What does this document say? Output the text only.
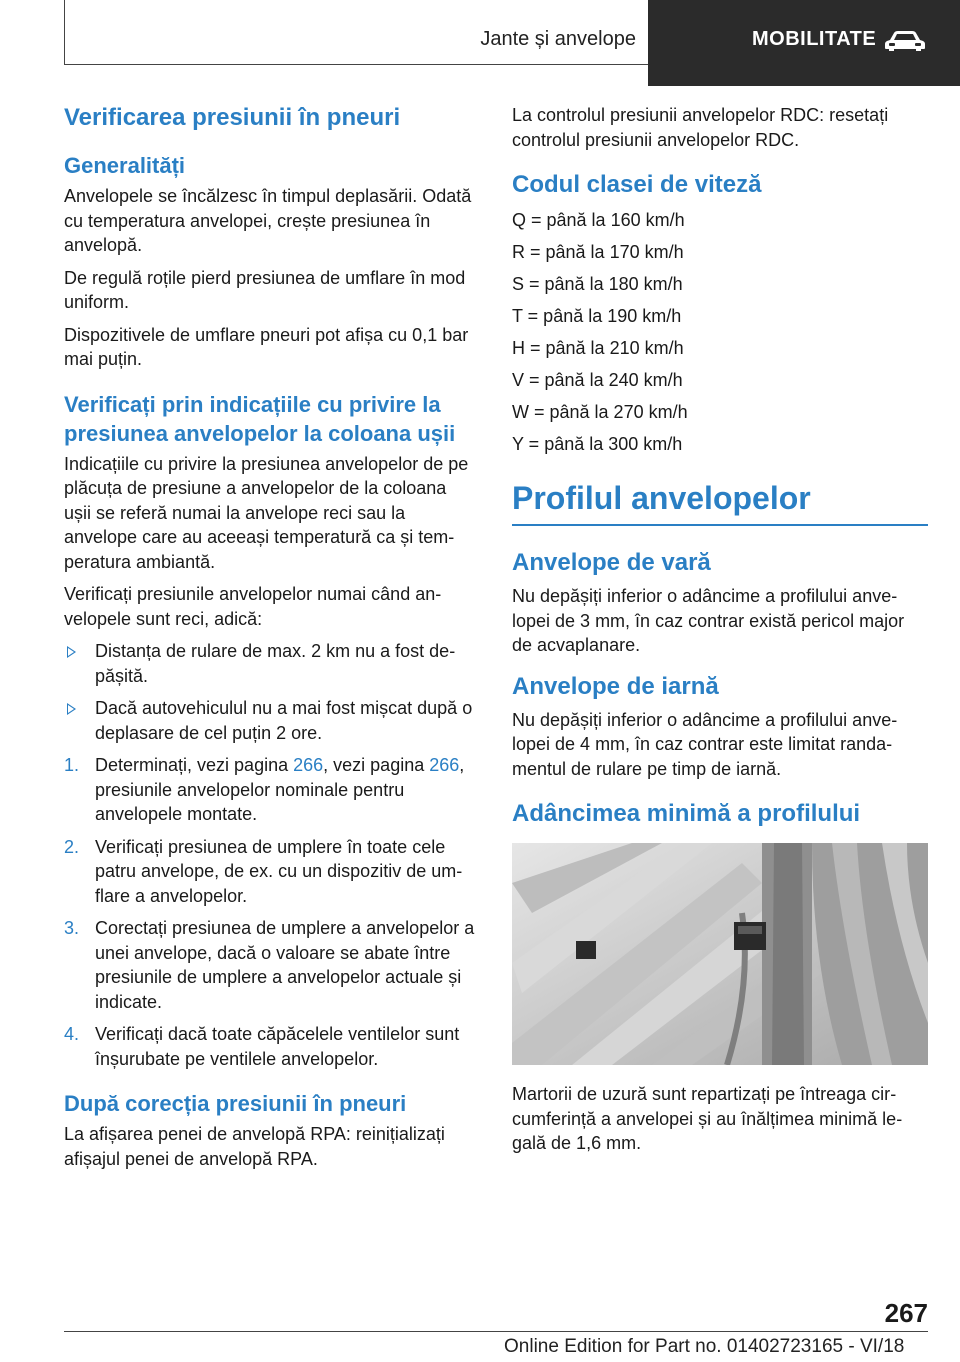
Jante și anvelope	MOBILITATE
Verificarea presiunii în pneuri
Generalități
Anvelopele se încălzesc în timpul deplasării. Odată cu temperatura anvelopei, crește presiunea în anvelopă.
De regulă roțile pierd presiunea de umflare în mod uniform.
Dispozitivele de umflare pneuri pot afișa cu 0,1 bar mai puțin.
Verificați prin indicațiile cu privire la presiunea anvelopelor la coloana ușii
Indicațiile cu privire la presiunea anvelopelor de pe plăcuța de presiune a anvelopelor de la coloana ușii se referă numai la anvelope reci sau la anvelope care au aceeași temperatură ca și temperatura ambiantă.
Verificați presiunile anvelopelor numai când anvelopele sunt reci, adică:
Distanța de rulare de max. 2 km nu a fost depășită.
Dacă autovehiculul nu a mai fost mișcat după o deplasare de cel puțin 2 ore.
1. Determinați, vezi pagina 266, vezi pagina 266, presiunile anvelopelor nominale pentru anvelopele montate.
2. Verificați presiunea de umplere în toate cele patru anvelope, de ex. cu un dispozitiv de umflare a anvelopelor.
3. Corectați presiunea de umplere a anvelopelor a unei anvelope, dacă o valoare se abate între presiunile de umplere a anvelopelor actuale și indicate.
4. Verificați dacă toate căpăcelele ventilelor sunt înșurubate pe ventilele anvelopelor.
După corecția presiunii în pneuri
La afișarea penei de anvelopă RPA: reinițializați afișajul penei de anvelopă RPA.
La controlul presiunii anvelopelor RDC: resetați controlul presiunii anvelopelor RDC.
Codul clasei de viteză
Q = până la 160 km/h
R = până la 170 km/h
S = până la 180 km/h
T = până la 190 km/h
H = până la 210 km/h
V = până la 240 km/h
W = până la 270 km/h
Y = până la 300 km/h
Profilul anvelopelor
Anvelope de vară
Nu depășiți inferior o adâncime a profilului anvelopei de 3 mm, în caz contrar există pericol major de acvaplanare.
Anvelope de iarnă
Nu depășiți inferior o adâncime a profilului anvelopei de 4 mm, în caz contrar este limitat randamentul de rulare pe timp de iarnă.
Adâncimea minimă a profilului
Martorii de uzură sunt repartizați pe întreaga circumferință a anvelopei și au înălțimea minimă legală de 1,6 mm.
267
Online Edition for Part no. 01402723165 - VI/18
